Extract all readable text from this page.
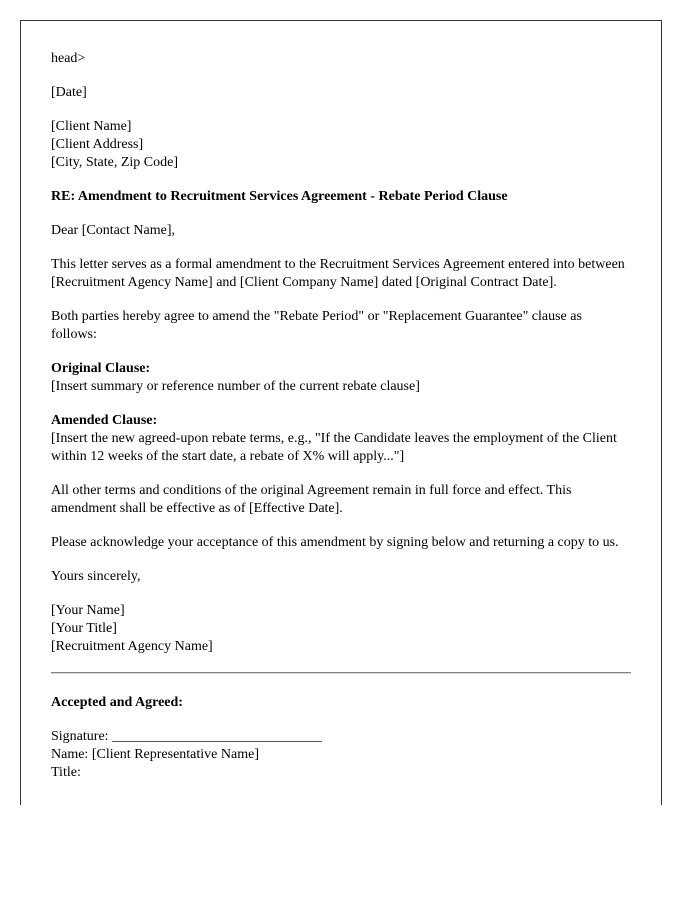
head>

[Date]

[Client Name]
[Client Address]
[City, State, Zip Code]

RE: Amendment to Recruitment Services Agreement - Rebate Period Clause

Dear [Contact Name],

This letter serves as a formal amendment to the Recruitment Services Agreement entered into between [Recruitment Agency Name] and [Client Company Name] dated [Original Contract Date].

Both parties hereby agree to amend the "Rebate Period" or "Replacement Guarantee" clause as follows:

Original Clause:
[Insert summary or reference number of the current rebate clause]

Amended Clause:
[Insert the new agreed-upon rebate terms, e.g., "If the Candidate leaves the employment of the Client within 12 weeks of the start date, a rebate of X% will apply..."]

All other terms and conditions of the original Agreement remain in full force and effect. This amendment shall be effective as of [Effective Date].

Please acknowledge your acceptance of this amendment by signing below and returning a copy to us.

Yours sincerely,

[Your Name]
[Your Title]
[Recruitment Agency Name]

Accepted and Agreed:

Signature: ______________________________
Name: [Client Representative Name]
Title:
